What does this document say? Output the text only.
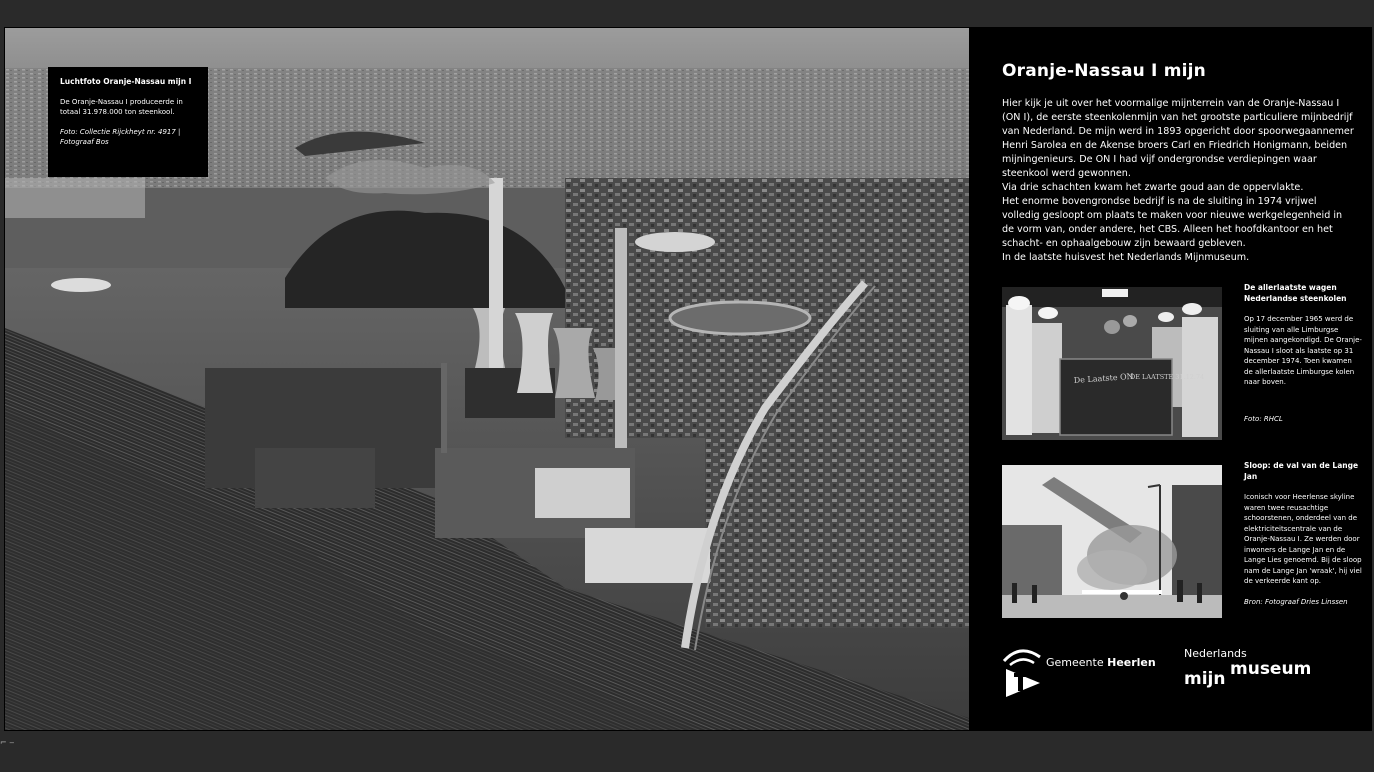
Luchtfoto Oranje-Nassau mijn I
De Oranje-Nassau I produceerde in totaal 31.978.000 ton steenkool.
Foto: Collectie Rijckheyt nr. 4917 | Fotograaf Bos
Oranje-Nassau I mijn

Hier kijk je uit over het voormalige mijnterrein van de Oranje-Nassau I (ON I), de eerste steenkolenmijn van het grootste particuliere mijnbedrijf van Nederland. De mijn werd in 1893 opgericht door spoorwegaannemer Henri Sarolea en de Akense broers Carl en Friedrich Honigmann, beiden mijningenieurs. De ON I had vijf ondergrondse verdiepingen waar steenkool werd gewonnen.

Via drie schachten kwam het zwarte goud aan de oppervlakte.

Het enorme bovengrondse bedrijf is na de sluiting in 1974 vrijwel volledig gesloopt om plaats te maken voor nieuwe werkgelegenheid in de vorm van, onder andere, het CBS. Alleen het hoofdkantoor en het schacht- en ophaalgebouw zijn bewaard gebleven.

In de laatste huisvest het Nederlands Mijnmuseum.

De Laatste ON
DE LAATSTE 31.12.74
De allerlaatste wagen Nederlandse steenkolen
Op 17 december 1965 werd de sluiting van alle Limburgse mijnen aangekondigd. De Oranje-Nassau I sloot als laatste op 31 december 1974. Toen kwamen de allerlaatste Limburgse kolen naar boven.
Foto: RHCL
Sloop: de val van de Lange Jan
Iconisch voor Heerlense skyline waren twee reusachtige schoorstenen, onderdeel van de elektriciteitscentrale van de Oranje-Nassau I. Ze werden door inwoners de Lange Jan en de Lange Lies genoemd. Bij de sloop nam de Lange Jan 'wraak', hij viel de verkeerde kant op.
Bron: Fotograaf Dries Linssen
Gemeente Heerlen
Nederlands
mijn museum
⌐ ‒
